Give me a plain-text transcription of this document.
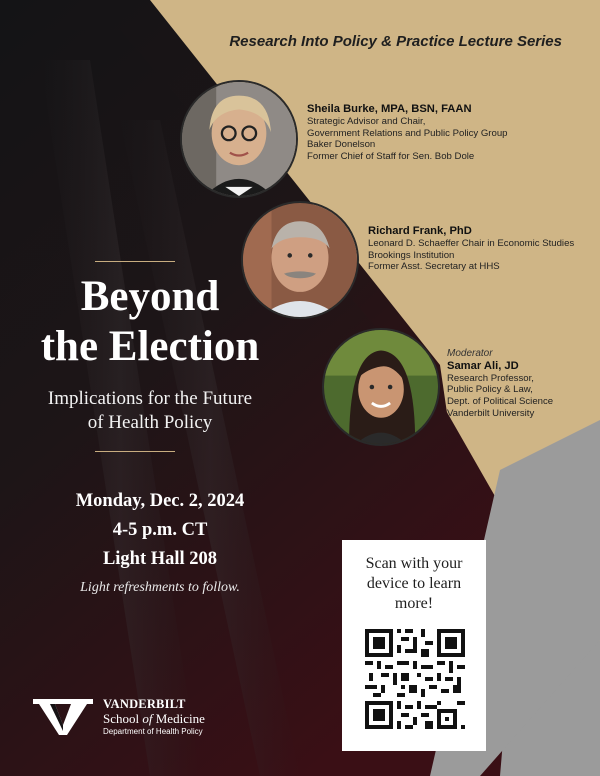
Research Into Policy & Practice Lecture Series
Sheila Burke, MPA, BSN, FAAN
Strategic Advisor and Chair,
Government Relations and Public Policy Group
Baker Donelson
Former Chief of Staff for Sen. Bob Dole
Richard Frank, PhD
Leonard D. Schaeffer Chair in Economic Studies
Brookings Institution
Former Asst. Secretary at HHS
Moderator
Samar Ali, JD
Research Professor,
Public Policy & Law,
Dept. of Political Science
Vanderbilt University
Beyond
the Election
Implications for the Future
of Health Policy
Monday, Dec. 2, 2024
4-5 p.m. CT
Light Hall 208
Light refreshments to follow.
Scan with your
device to learn
more!
VANDERBILT
School of Medicine
Department of Health Policy
